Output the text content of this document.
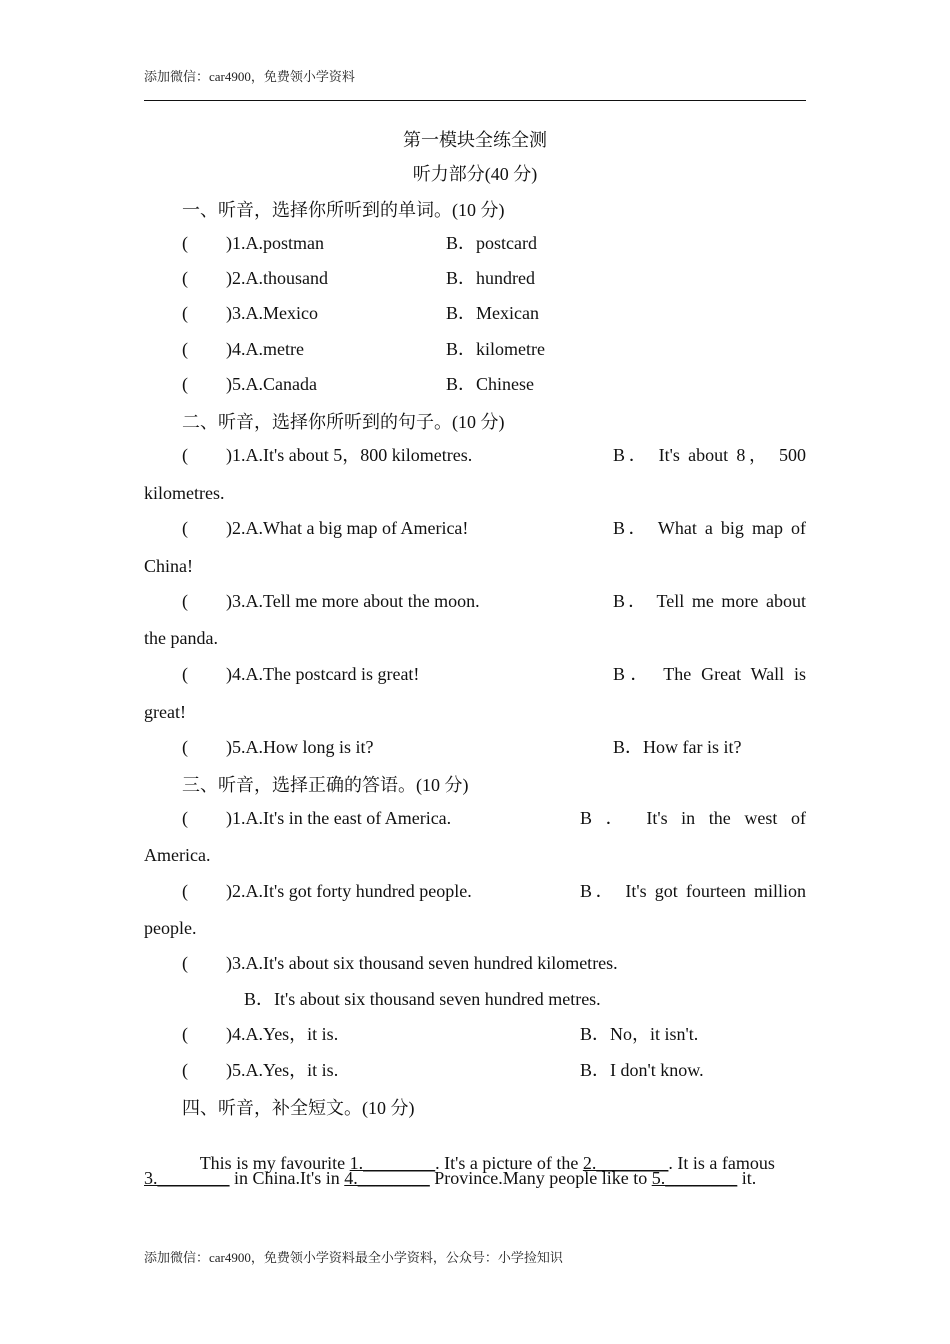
添加微信：car4900，免费领小学资料
第一模块全练全测
听力部分(40 分)
一、听音，选择你所听到的单词。(10 分)
( )1.A.postman	B．postcard
( )2.A.thousand	B．hundred
( )3.A.Mexico	B．Mexican
( )4.A.metre	B．kilometre
( )5.A.Canada	B．Chinese
二、听音，选择你所听到的句子。(10 分)
( )1.A.It's about 5，800 kilometres.	B． It's about 8， 500
kilometres.
( )2.A.What a big map of America!	B． What a big map of
China!
( )3.A.Tell me more about the moon.	B． Tell me more about
the panda.
( )4.A.The postcard is great!	B． The Great Wall is
great!
( )5.A.How long is it?	B．How far is it?
三、听音，选择正确的答语。(10 分)
( )1.A.It's in the east of America.	B ． It's in the west of
America.
( )2.A.It's got forty hundred people.	B． It's got fourteen million
people.
( )3.A.It's about six thousand seven hundred kilometres.
B．It's about six thousand seven hundred metres.
( )4.A.Yes，it is.	B．No，it isn't.
( )5.A.Yes，it is.	B．I don't know.
四、听音，补全短文。(10 分)

This is my favourite 1.________. It's a picture of the 2.________. It is a famous

3.________ in China.It's in 4.________ Province.Many people like to 5.________ it.
添加微信：car4900，免费领小学资料最全小学资料，公众号：小学捡知识
